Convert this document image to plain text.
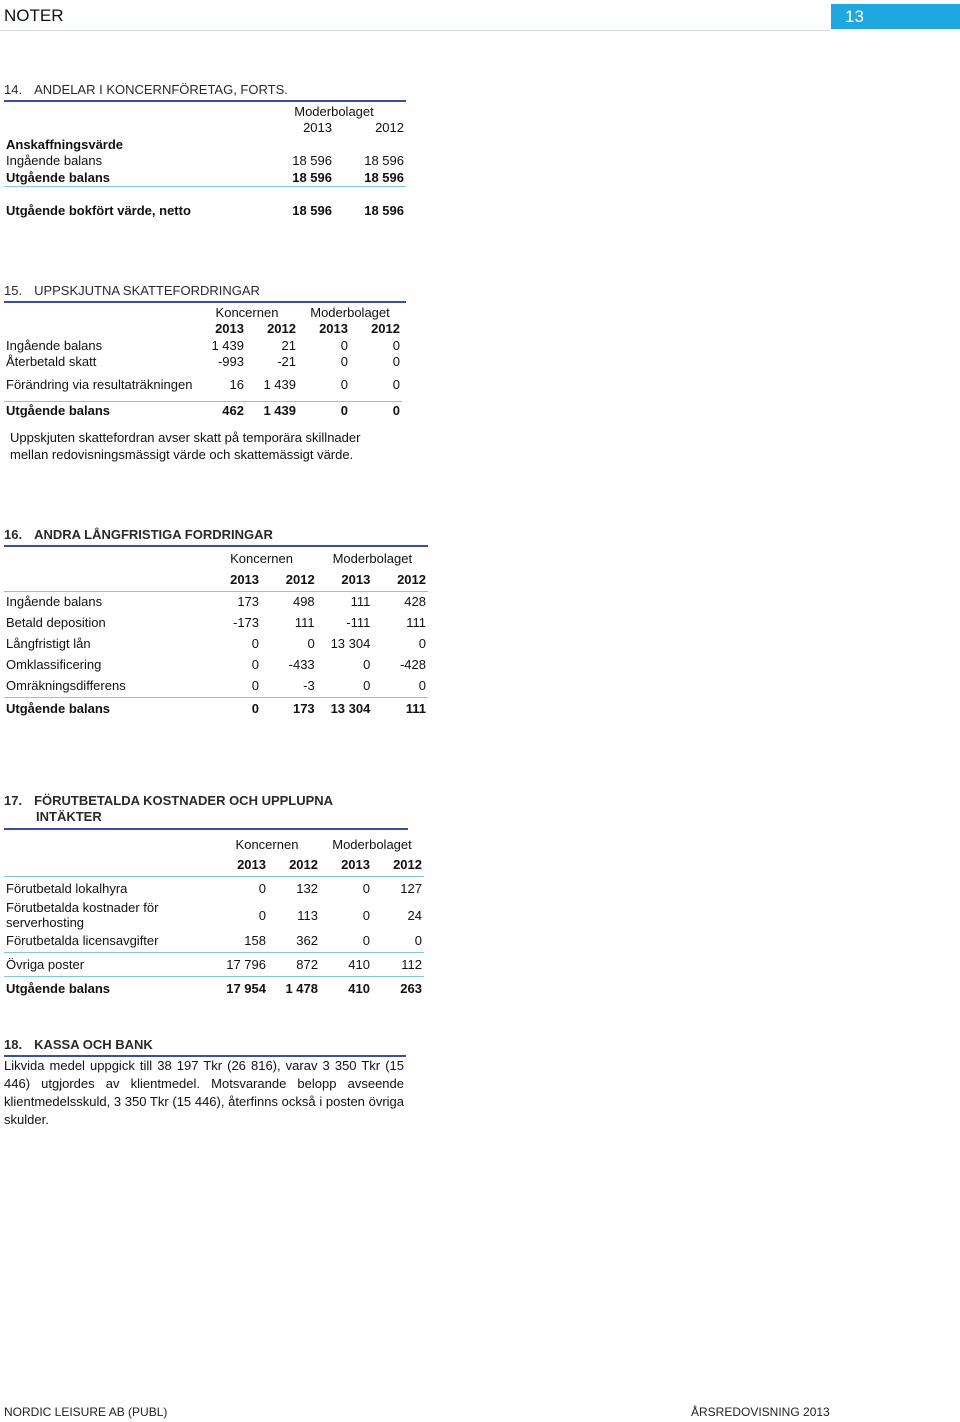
NOTER	13
14. ANDELAR I KONCERNFÖRETAG, FORTS.
	Moderbolaget	
	2013	2012
Anskaffningsvärde		
Ingående balans	18 596	18 596
Utgående balans	18 596	18 596

Utgående bokfört värde, netto	18 596	18 596
15. UPPSKJUTNA SKATTEFORDRINGAR
	Koncernen		Moderbolaget	
	2013	2012	2013	2012
Ingående balans	1 439	21	0	0
Återbetald skatt	-993	-21	0	0
Förändring via resultaträkningen	16	1 439	0	0
Utgående balans	462	1 439	0	0
Uppskjuten skattefordran avser skatt på temporära skillnader mellan redovisningsmässigt värde och skattemässigt värde.
16. ANDRA LÅNGFRISTIGA FORDRINGAR
	Koncernen		Moderbolaget	
	2013	2012	2013	2012
Ingående balans	173	498	111	428
Betald deposition	-173	111	-111	111
Långfristigt lån	0	0	13 304	0
Omklassificering	0	-433	0	-428
Omräkningsdifferens	0	-3	0	0
Utgående balans	0	173	13 304	111
17. FÖRUTBETALDA KOSTNADER OCH UPPLUPNA
INTÄKTER
	Koncernen		Moderbolaget	
	2013	2012	2013	2012
Förutbetald lokalhyra	0	132	0	127
Förutbetalda kostnader för serverhosting	0	113	0	24
Förutbetalda licensavgifter	158	362	0	0
Övriga poster	17 796	872	410	112
Utgående balans	17 954	1 478	410	263
18. KASSA OCH BANK
Likvida medel uppgick till 38 197 Tkr (26 816), varav 3 350 Tkr (15 446) utgjordes av klientmedel. Motsvarande belopp avseende klientmedelsskuld, 3 350 Tkr (15 446), återfinns också i posten övriga skulder.
NORDIC LEISURE AB (PUBL)	ÅRSREDOVISNING 2013
